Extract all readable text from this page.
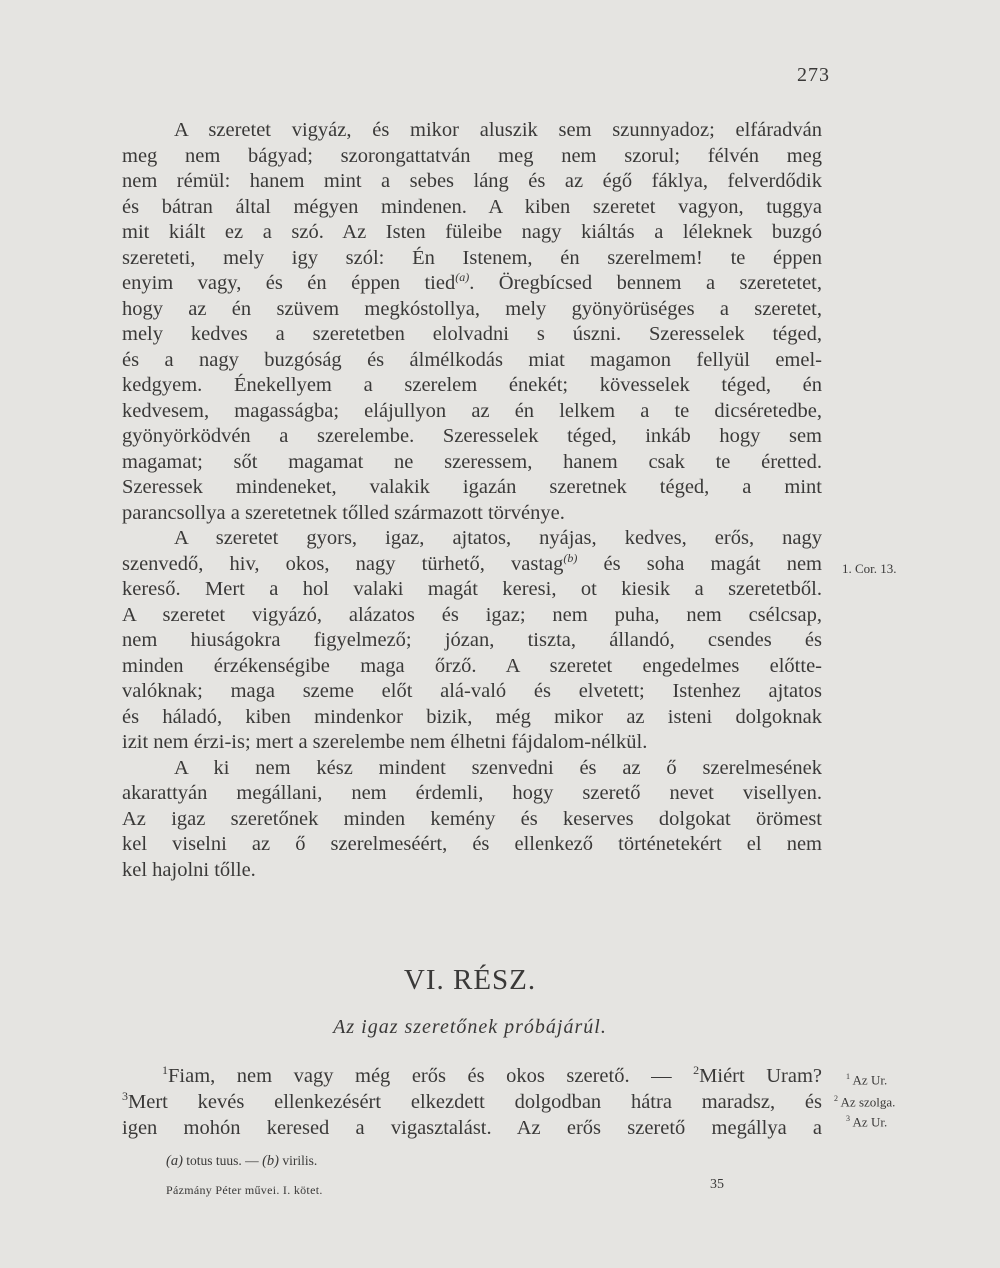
273
A szeretet vigyáz, és mikor aluszik sem szunnyadoz; elfáradván
meg nem bágyad; szorongattatván meg nem szorul; félvén meg
nem rémül: hanem mint a sebes láng és az égő fáklya, felverdődik
és bátran által mégyen mindenen. A kiben szeretet vagyon, tuggya
mit kiált ez a szó. Az Isten füleibe nagy kiáltás a léleknek buzgó
szereteti, mely igy szól: Én Istenem, én szerelmem! te éppen
enyim vagy, és én éppen tied$^{(a)}$. Öregbícsed bennem a szeretetet,
hogy az én szüvem megkóstollya, mely gyönyörüséges a szeretet,
mely kedves a szeretetben elolvadni s úszni. Szeresselek téged,
és a nagy buzgóság és álmélkodás miat magamon fellyül emel-
kedgyem. Énekellyem a szerelem énekét; kövesselek téged, én
kedvesem, magasságba; elájullyon az én lelkem a te dicséretedbe,
gyönyörködvén a szerelembe. Szeresselek téged, inkáb hogy sem
magamat; sőt magamat ne szeressem, hanem csak te éretted.
Szeressek mindeneket, valakik igazán szeretnek téged, a mint
parancsollya a szeretetnek tőlled származott törvénye.
A szeretet gyors, igaz, ajtatos, nyájas, kedves, erős, nagy
szenvedő, hiv, okos, nagy türhető, vastag$^{(b)}$ és soha magát nem
kereső. Mert a hol valaki magát keresi, ot kiesik a szeretetből.
A szeretet vigyázó, alázatos és igaz; nem puha, nem csélcsap,
nem hiuságokra figyelmező; józan, tiszta, állandó, csendes és
minden érzékenségibe maga őrző. A szeretet engedelmes előtte-
valóknak; maga szeme előt alá-való és elvetett; Istenhez ajtatos
és háladó, kiben mindenkor bizik, még mikor az isteni dolgoknak
izit nem érzi-is; mert a szerelembe nem élhetni fájdalom-nélkül.
A ki nem kész mindent szenvedni és az ő szerelmesének
akarattyán megállani, nem érdemli, hogy szerető nevet visellyen.
Az igaz szeretőnek minden kemény és keserves dolgokat örömest
kel viselni az ő szerelmeséért, és ellenkező történetekért el nem
kel hajolni tőlle.
1. Cor. 13.
VI. RÉSZ.
Az igaz szeretőnek próbájárúl.
$^1$Fiam, nem vagy még erős és okos szerető. — $^2$Miért Uram?
$^3$Mert kevés ellenkezésért elkezdett dolgodban hátra maradsz, és
igen mohón keresed a vigasztalást. Az erős szerető megállya a
$^1$ Az Ur.
$^2$ Az szolga.
$^3$ Az Ur.
(a) totus tuus. — (b) virilis.
Pázmány Péter művei. I. kötet.	35
